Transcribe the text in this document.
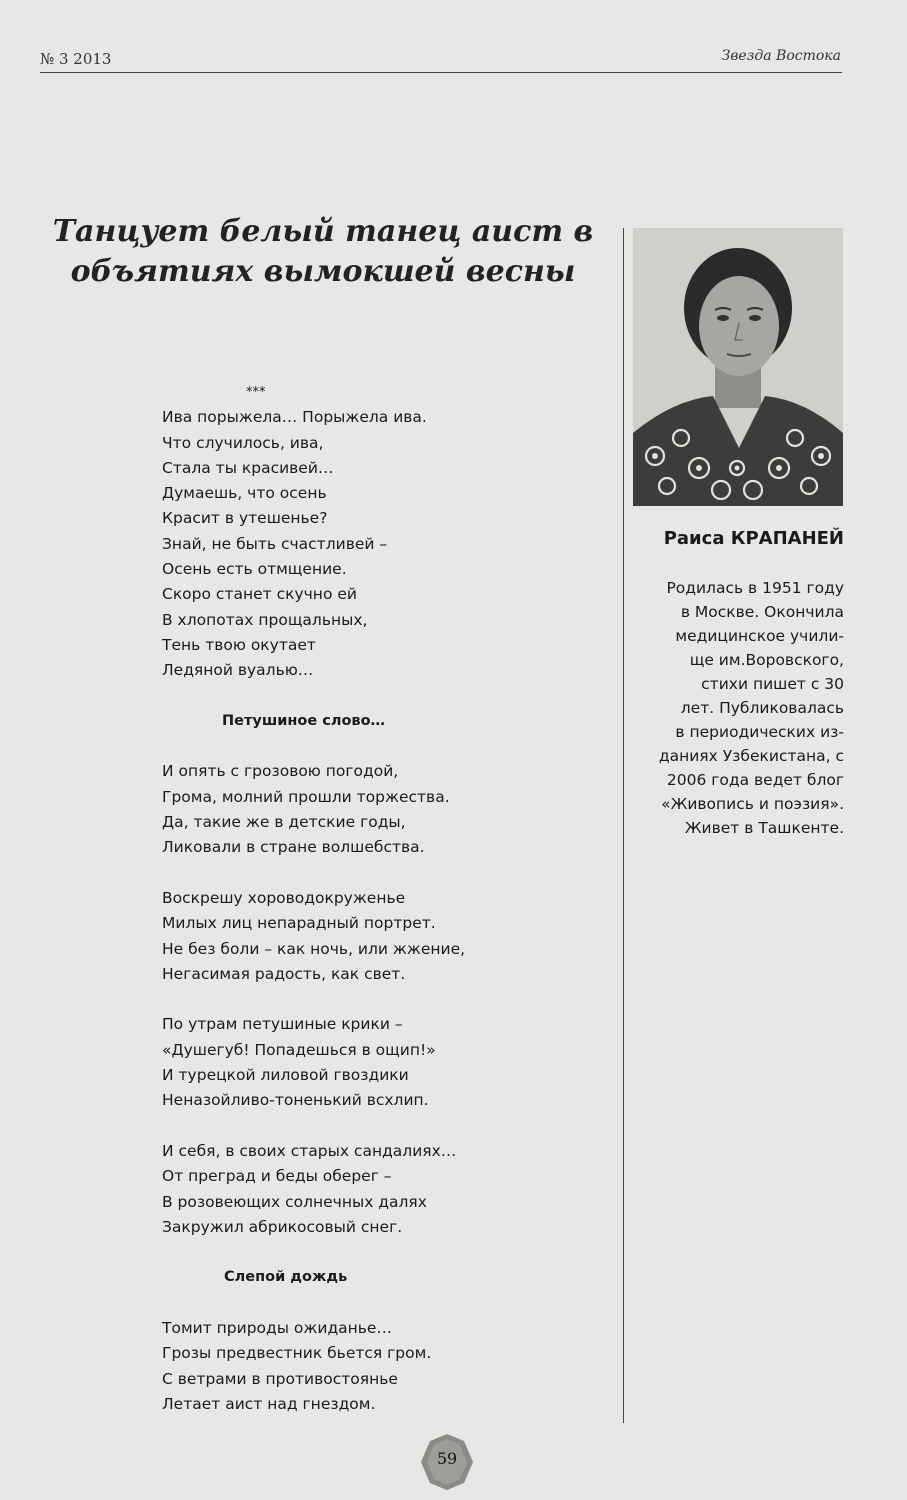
№ 3 2013	Звезда Востока
Танцует белый танец аист в объятиях вымокшей весны
***
Ива порыжела… Порыжела ива.
Что случилось, ива,
Стала ты красивей…
Думаешь, что осень
Красит в утешенье?
Знай, не быть счастливей –
Осень есть отмщение.
Скоро станет скучно ей
В хлопотах прощальных,
Тень твою окутает
Ледяной вуалью…
Петушиное слово…
И опять с грозовою погодой,
Грома, молний прошли торжества.
Да, такие же в детские годы,
Ликовали в стране волшебства.
Воскрешу хороводокруженье
Милых лиц непарадный портрет.
Не без боли – как ночь, или жжение,
Негасимая радость, как свет.
По утрам петушиные крики –
«Душегуб! Попадешься в ощип!»
И турецкой лиловой гвоздики
Неназойливо-тоненький всхлип.
И себя, в своих старых сандалиях…
От преград и беды оберег –
В розовеющих солнечных далях
Закружил абрикосовый снег.
Слепой дождь
Томит природы ожиданье…
Грозы предвестник бьется гром.
С ветрами в противостоянье
Летает аист над гнездом.
Раиса КРАПАНЕЙ
Родилась в 1951 году
в Москве. Окончила
медицинское учили-
ще им.Воровского,
стихи пишет с 30
лет. Публиковалась
в периодических из-
даниях Узбекистана, с
2006 года ведет блог
«Живопись и поэзия».
Живет в Ташкенте.
59
